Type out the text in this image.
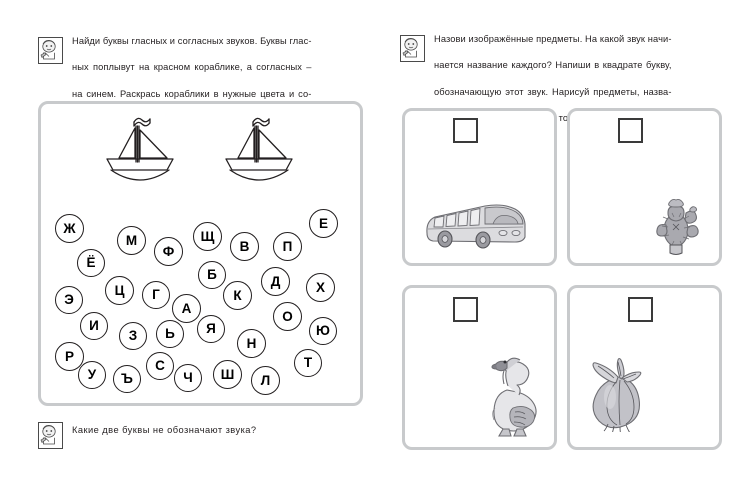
Найди буквы гласных и согласных звуков. Буквы глас-
ных поплывут на красном кораблике, а согласных –
на синем. Раскрась кораблики в нужные цвета и со-
Ж
М	Щ
Е
Ё
Ф	В	П
Б
Э
Ц	Г	К
Д	Х
А
И
О
З	Ь	Я	Ю
Н
Р	Т
У
С
Ъ	Ч	Ш	Л
Какие две буквы не обозначают звука?
Назови изображённые предметы. На какой звук начи-
нается название каждого? Напиши в квадрате букву,
обозначающую этот звук. Нарисуй предметы, назва-
тот
